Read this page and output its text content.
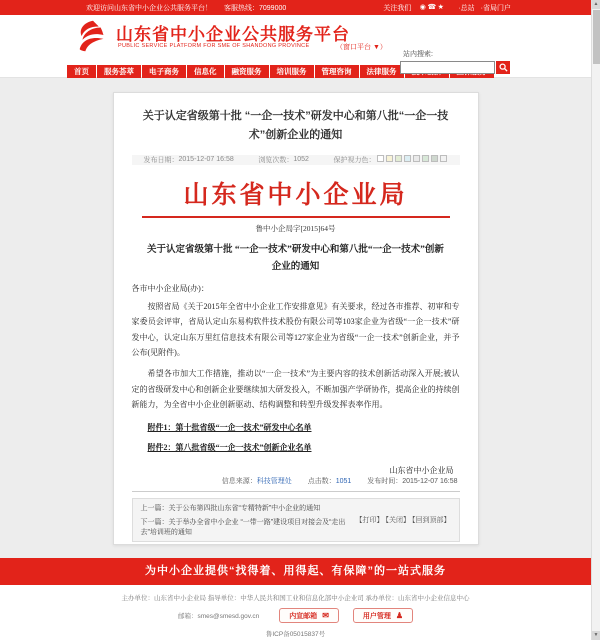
欢迎访问山东省中小企业公共服务平台！ 客服热线：7099000	关注我们 ◉ ☎ ★	·总站 ·省局门户
山东省中小企业公共服务平台
PUBLIC SERVICE PLATFORM FOR SME OF SHANDONG PROVINCE	（窗口平台 ▼）
站内搜索:
首页 服务荟萃 电子商务 信息化 融资服务 培训服务 管理咨询 法律服务
关于认定省级第十批 “一企一技术”研发中心和第八批“一企一技术”创新企业的通知
发布日期： 2015-12-07 16:58	浏览次数： 1052	保护视力色：
山东省中小企业局
鲁中小企局字[2015]64号
关于认定省级第十批 “一企一技术”研发中心和第八批“一企一技术”创新企业的通知
各市中小企业局(办)：

按照省局《关于2015年全省中小企业工作安排意见》有关要求，经过各市推荐、初审和专家委员会评审，省局认定山东易构软件技术股份有限公司等103家企业为省级“一企一技术”研发中心，认定山东万里红信息技术有限公司等127家企业为省级“一企一技术”创新企业，并予公布(见附件)。

希望各市加大工作措施，推动以“一企一技术”为主要内容的技术创新活动深入开展;被认定的省级研发中心和创新企业要继续加大研发投入，不断加强产学研协作，提高企业的持续创新能力，为全省中小企业创新驱动、结构调整和转型升级发挥表率作用。

附件1：第十批省级“一企一技术”研发中心名单
附件2：第八批省级“一企一技术”创新企业名单
山东省中小企业局
信息来源：科技管理处 点击数：1051 发布时间：2015-12-07 16:58
上一篇：关于公布第四批山东省“专精特新”中小企业的通知
下一篇：关于举办全省中小企业 “一带一路”建设项目对接会及“走出去”培训班的通知
【打印】 【关闭】 【回到顶部】
为中小企业提供“找得着、用得起、有保障”的一站式服务
主办单位：山东省中小企业局 指导单位：中华人民共和国工业和信息化部中小企业司 承办单位：山东省中小企业信息中心
邮箱：smes@smesd.gov.cn	内宣邮箱 ✉	用户管理 ♟
鲁ICP备05015837号
▲
▼
